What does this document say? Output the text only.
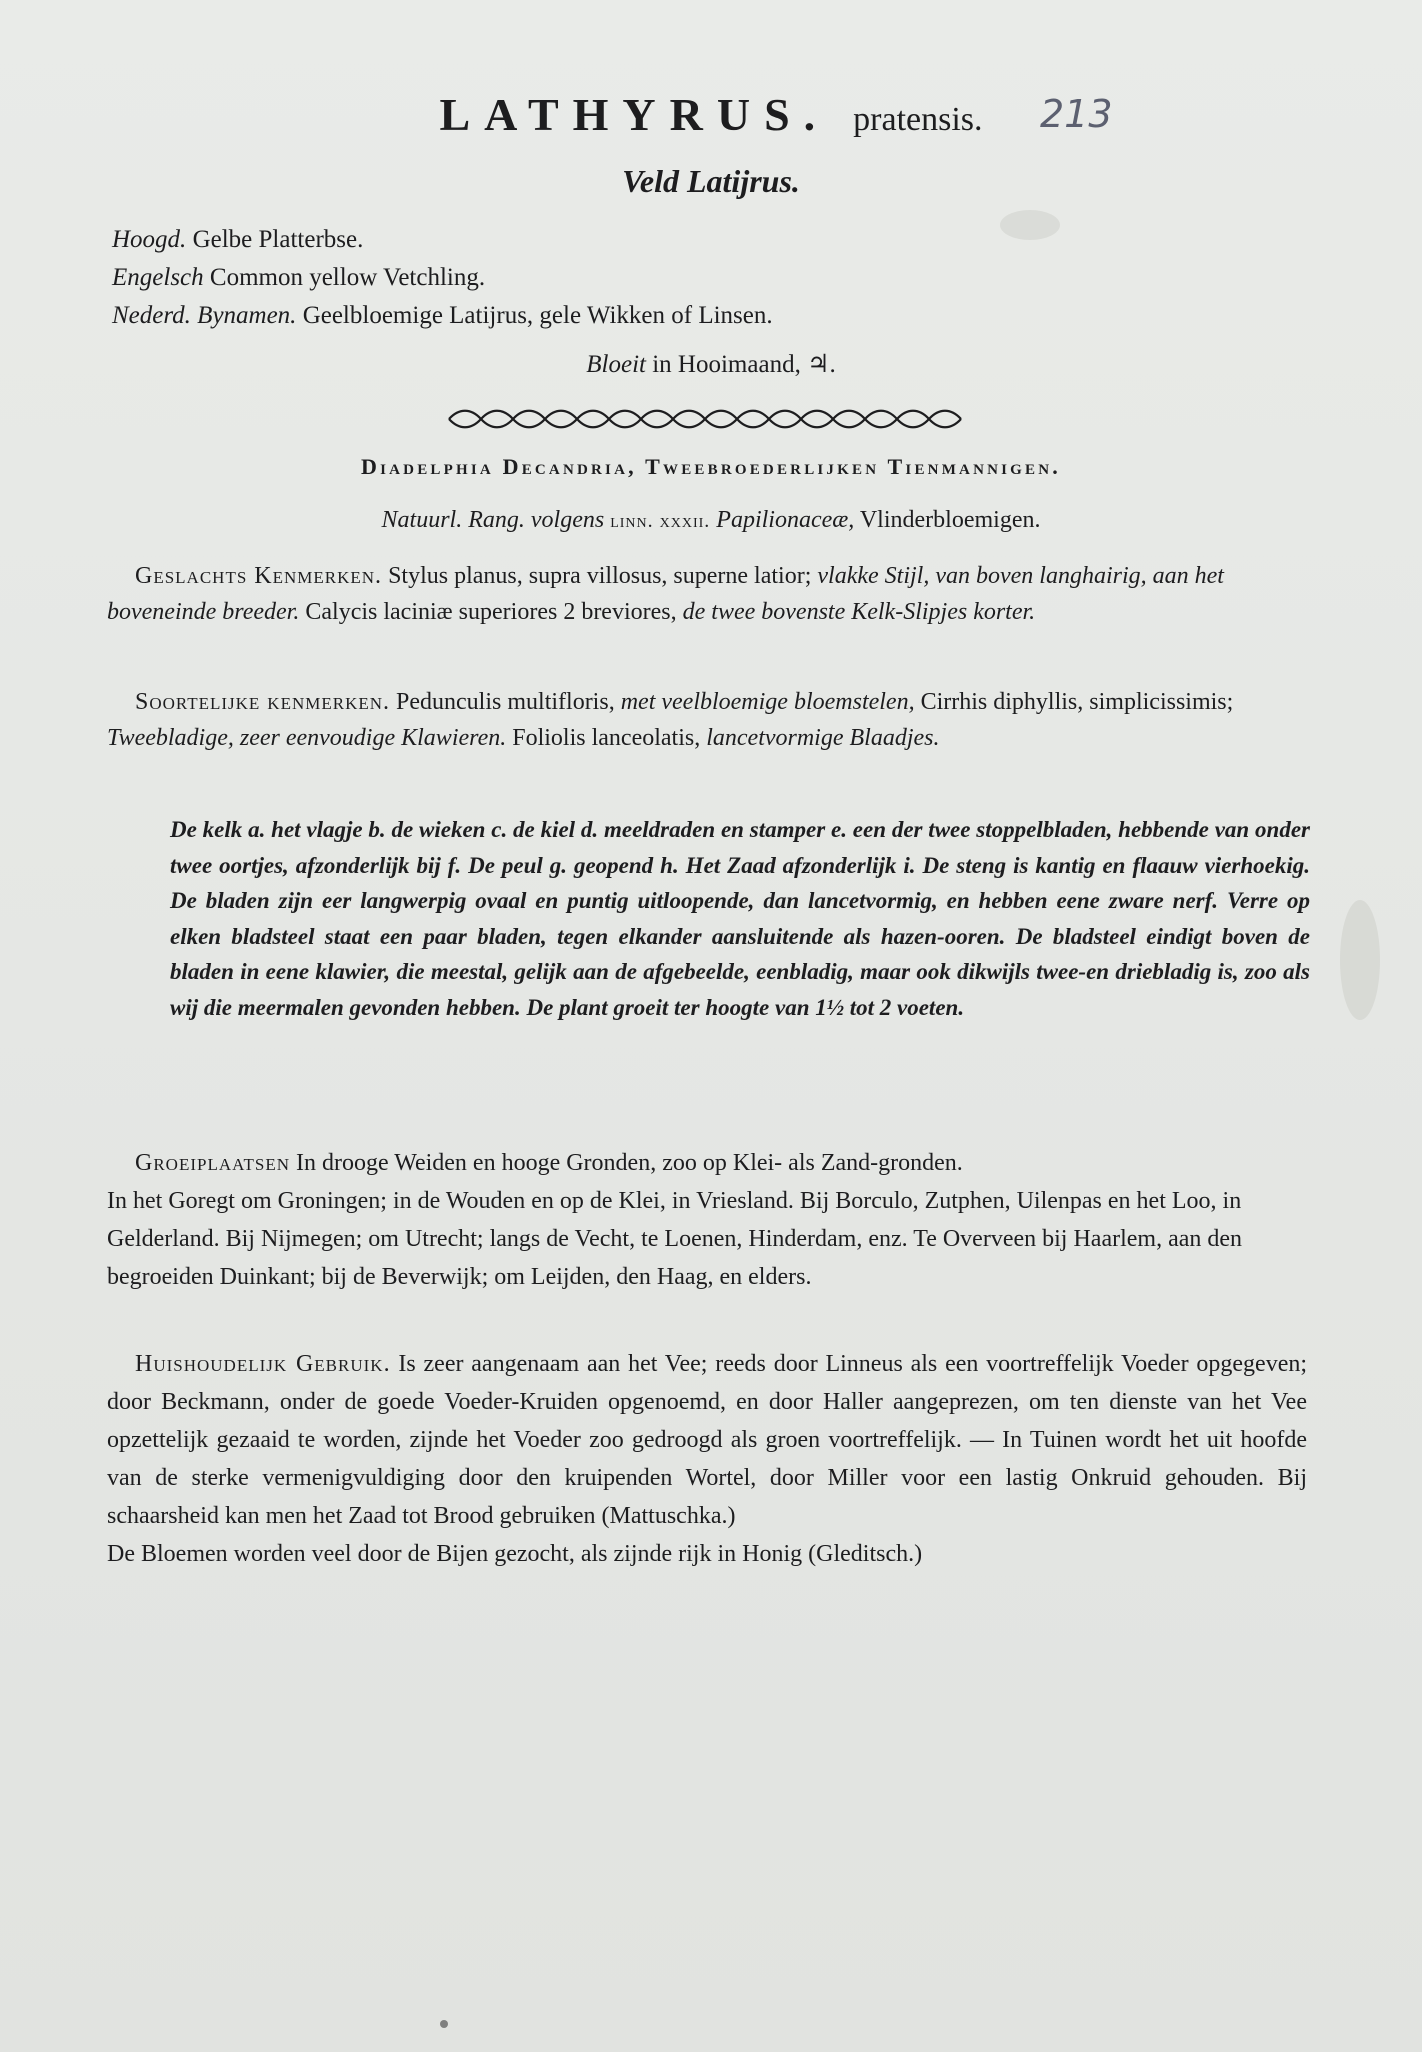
LATHYRUS. pratensis.	213
Veld Latijrus.
Hoogd. Gelbe Platterbse.
Engelsch Common yellow Vetchling.
Nederd. Bynamen. Geelbloemige Latijrus, gele Wikken of Linsen.
Bloeit in Hooimaand, ♃.
Diadelphia Decandria, Tweebroederlijken Tienmannigen.
Natuurl. Rang. volgens linn. xxxii. Papilionaceæ, Vlinderbloemigen.
Geslachts Kenmerken. Stylus planus, supra villosus, superne latior; vlakke Stijl, van boven langhairig, aan het boveneinde breeder. Calycis laciniæ superiores 2 breviores, de twee bovenste Kelk-Slipjes korter.
Soortelijke kenmerken. Pedunculis multifloris, met veelbloemige bloemstelen, Cirrhis diphyllis, simplicissimis; Tweebladige, zeer eenvoudige Klawieren. Foliolis lanceolatis, lancetvormige Blaadjes.
De kelk a. het vlagje b. de wieken c. de kiel d. meeldraden en stamper e. een der twee stoppelbladen, hebbende van onder twee oortjes, afzonderlijk bij f. De peul g. geopend h. Het Zaad afzonderlijk i. De steng is kantig en flaauw vierhoekig. De bladen zijn eer langwerpig ovaal en puntig uitloopende, dan lancetvormig, en hebben eene zware nerf. Verre op elken bladsteel staat een paar bladen, tegen elkander aansluitende als hazen-ooren. De bladsteel eindigt boven de bladen in eene klawier, die meestal, gelijk aan de afgebeelde, eenbladig, maar ook dikwijls twee-en driebladig is, zoo als wij die meermalen gevonden hebben. De plant groeit ter hoogte van 1½ tot 2 voeten.
Groeiplaatsen In drooge Weiden en hooge Gronden, zoo op Klei- als Zand-gronden.
In het Goregt om Groningen; in de Wouden en op de Klei, in Vriesland. Bij Borculo, Zutphen, Uilenpas en het Loo, in Gelderland. Bij Nijmegen; om Utrecht; langs de Vecht, te Loenen, Hinderdam, enz. Te Overveen bij Haarlem, aan den begroeiden Duinkant; bij de Beverwijk; om Leijden, den Haag, en elders.
Huishoudelijk Gebruik. Is zeer aangenaam aan het Vee; reeds door Linneus als een voortreffelijk Voeder opgegeven; door Beckmann, onder de goede Voeder-Kruiden opgenoemd, en door Haller aangeprezen, om ten dienste van het Vee opzettelijk gezaaid te worden, zijnde het Voeder zoo gedroogd als groen voortreffelijk. — In Tuinen wordt het uit hoofde van de sterke vermenigvuldiging door den kruipenden Wortel, door Miller voor een lastig Onkruid gehouden. Bij schaarsheid kan men het Zaad tot Brood gebruiken (Mattuschka.)
De Bloemen worden veel door de Bijen gezocht, als zijnde rijk in Honig (Gleditsch.)
